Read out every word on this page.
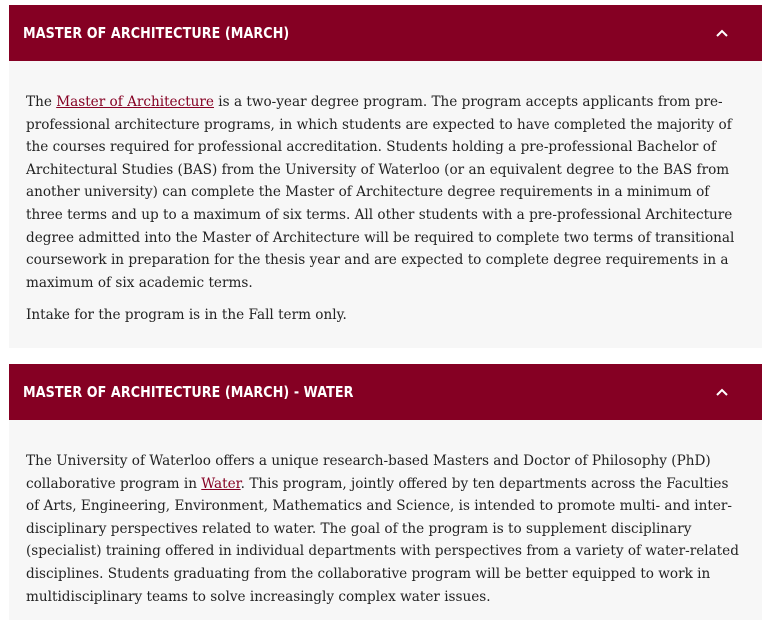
MASTER OF ARCHITECTURE (MARCH)

The Master of Architecture is a two-year degree program. The program accepts applicants from pre-professional architecture programs, in which students are expected to have completed the majority of the courses required for professional accreditation. Students holding a pre-professional Bachelor of Architectural Studies (BAS) from the University of Waterloo (or an equivalent degree to the BAS from another university) can complete the Master of Architecture degree requirements in a minimum of three terms and up to a maximum of six terms. All other students with a pre-professional Architecture degree admitted into the Master of Architecture will be required to complete two terms of transitional coursework in preparation for the thesis year and are expected to complete degree requirements in a maximum of six academic terms.

Intake for the program is in the Fall term only.

MASTER OF ARCHITECTURE (MARCH) - WATER

The University of Waterloo offers a unique research-based Masters and Doctor of Philosophy (PhD) collaborative program in Water. This program, jointly offered by ten departments across the Faculties of Arts, Engineering, Environment, Mathematics and Science, is intended to promote multi- and inter-disciplinary perspectives related to water. The goal of the program is to supplement disciplinary (specialist) training offered in individual departments with perspectives from a variety of water-related disciplines. Students graduating from the collaborative program will be better equipped to work in multidisciplinary teams to solve increasingly complex water issues.
